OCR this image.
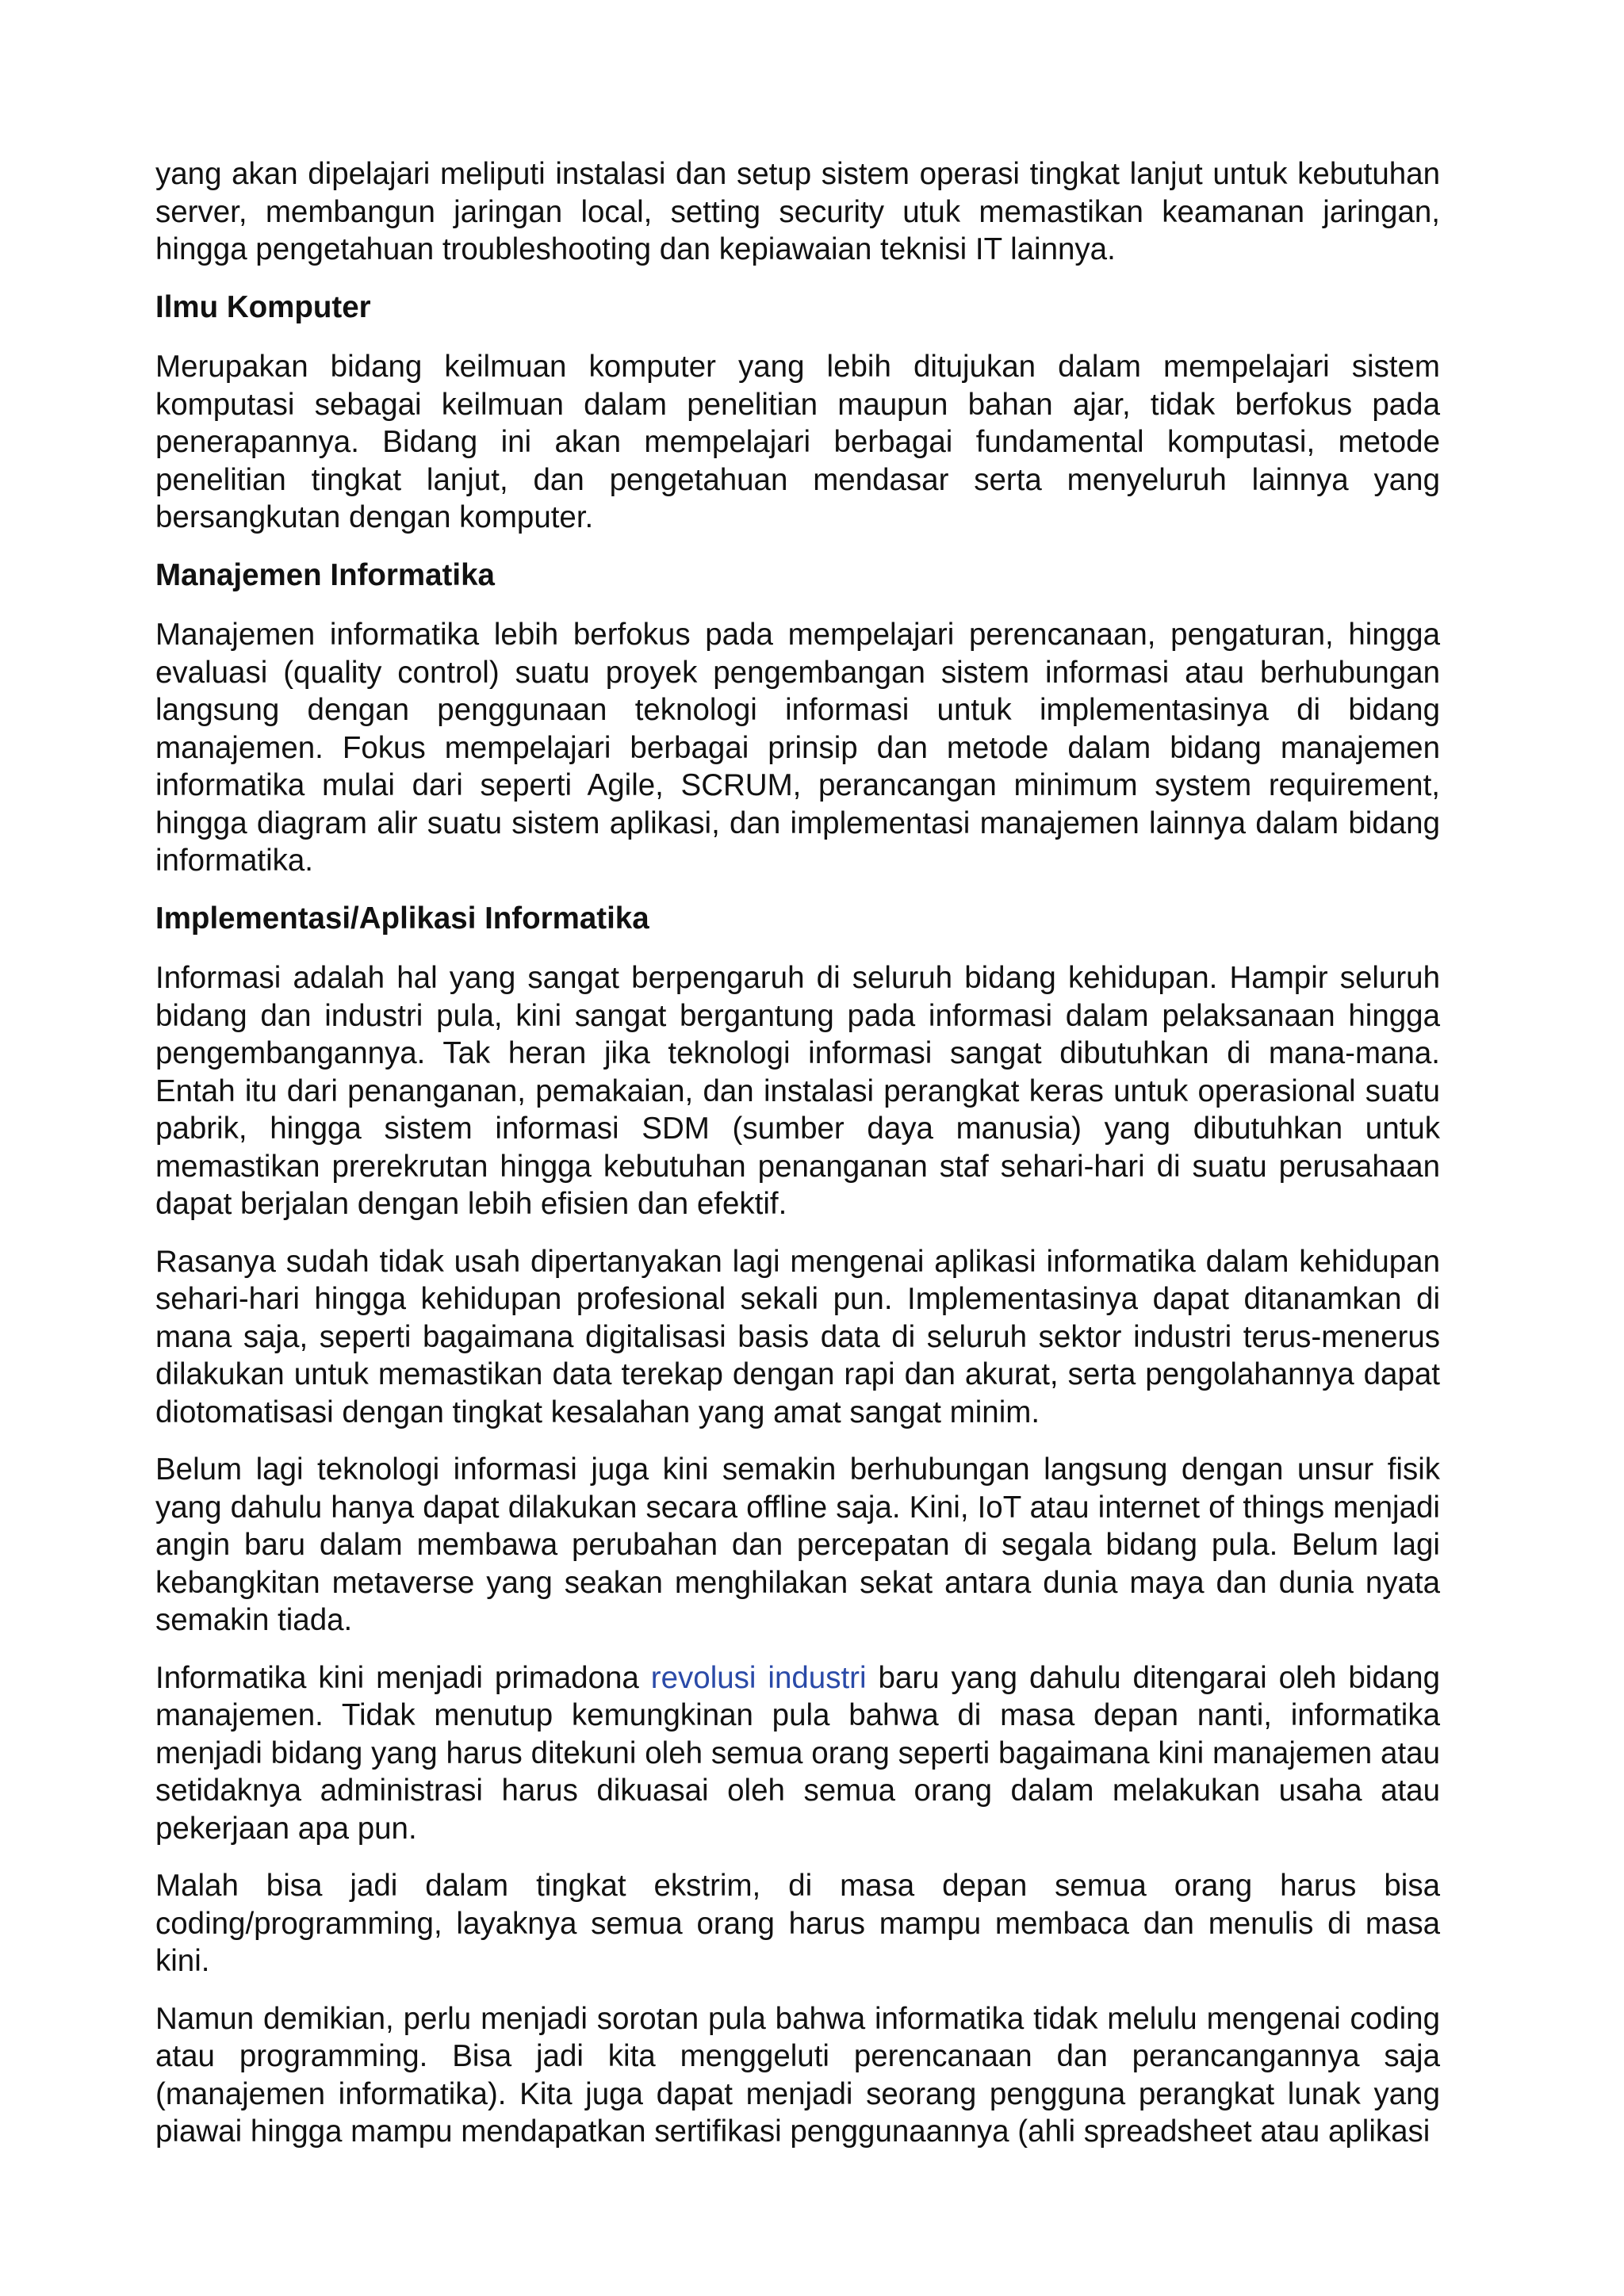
yang akan dipelajari meliputi instalasi dan setup sistem operasi tingkat lanjut untuk kebutuhan server, membangun jaringan local, setting security utuk memastikan keamanan jaringan, hingga pengetahuan troubleshooting dan kepiawaian teknisi IT lainnya.

Ilmu Komputer

Merupakan bidang keilmuan komputer yang lebih ditujukan dalam mempelajari sistem komputasi sebagai keilmuan dalam penelitian maupun bahan ajar, tidak berfokus pada penerapannya. Bidang ini akan mempelajari berbagai fundamental komputasi, metode penelitian tingkat lanjut, dan pengetahuan mendasar serta menyeluruh lainnya yang bersangkutan dengan komputer.

Manajemen Informatika

Manajemen informatika lebih berfokus pada mempelajari perencanaan, pengaturan, hingga evaluasi (quality control) suatu proyek pengembangan sistem informasi atau berhubungan langsung dengan penggunaan teknologi informasi untuk implementasinya di bidang manajemen. Fokus mempelajari berbagai prinsip dan metode dalam bidang manajemen informatika mulai dari seperti Agile, SCRUM, perancangan minimum system requirement, hingga diagram alir suatu sistem aplikasi, dan implementasi manajemen lainnya dalam bidang informatika.

Implementasi/Aplikasi Informatika

Informasi adalah hal yang sangat berpengaruh di seluruh bidang kehidupan. Hampir seluruh bidang dan industri pula, kini sangat bergantung pada informasi dalam pelaksanaan hingga pengembangannya. Tak heran jika teknologi informasi sangat dibutuhkan di mana-mana. Entah itu dari penanganan, pemakaian, dan instalasi perangkat keras untuk operasional suatu pabrik, hingga sistem informasi SDM (sumber daya manusia) yang dibutuhkan untuk memastikan prerekrutan hingga kebutuhan penanganan staf sehari-hari di suatu perusahaan dapat berjalan dengan lebih efisien dan efektif.

Rasanya sudah tidak usah dipertanyakan lagi mengenai aplikasi informatika dalam kehidupan sehari-hari hingga kehidupan profesional sekali pun. Implementasinya dapat ditanamkan di mana saja, seperti bagaimana digitalisasi basis data di seluruh sektor industri terus-menerus dilakukan untuk memastikan data terekap dengan rapi dan akurat, serta pengolahannya dapat diotomatisasi dengan tingkat kesalahan yang amat sangat minim.

Belum lagi teknologi informasi juga kini semakin berhubungan langsung dengan unsur fisik yang dahulu hanya dapat dilakukan secara offline saja. Kini, IoT atau internet of things menjadi angin baru dalam membawa perubahan dan percepatan di segala bidang pula. Belum lagi kebangkitan metaverse yang seakan menghilakan sekat antara dunia maya dan dunia nyata semakin tiada.

Informatika kini menjadi primadona revolusi industri baru yang dahulu ditengarai oleh bidang manajemen. Tidak menutup kemungkinan pula bahwa di masa depan nanti, informatika menjadi bidang yang harus ditekuni oleh semua orang seperti bagaimana kini manajemen atau setidaknya administrasi harus dikuasai oleh semua orang dalam melakukan usaha atau pekerjaan apa pun.

Malah bisa jadi dalam tingkat ekstrim, di masa depan semua orang harus bisa coding/programming, layaknya semua orang harus mampu membaca dan menulis di masa kini.

Namun demikian, perlu menjadi sorotan pula bahwa informatika tidak melulu mengenai coding atau programming. Bisa jadi kita menggeluti perencanaan dan perancangannya saja (manajemen informatika). Kita juga dapat menjadi seorang pengguna perangkat lunak yang piawai hingga mampu mendapatkan sertifikasi penggunaannya (ahli spreadsheet atau aplikasi
